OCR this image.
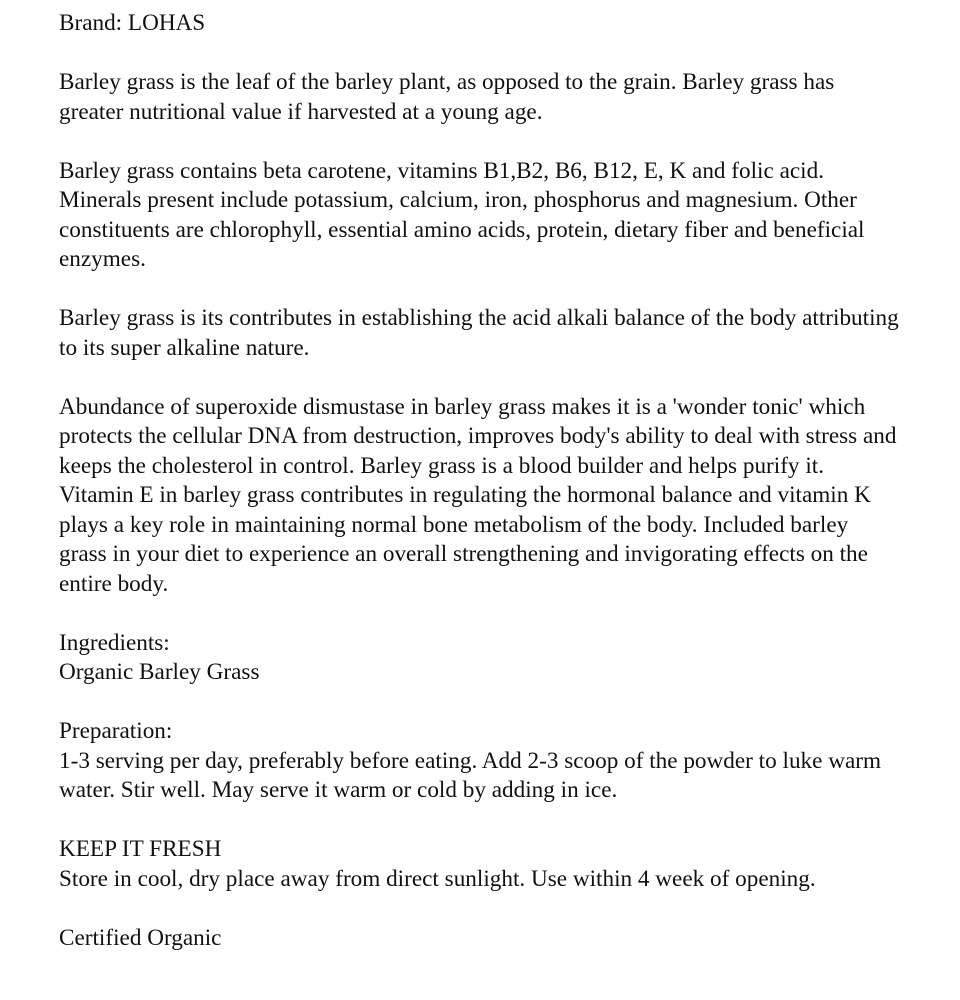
Brand: LOHAS

Barley grass is the leaf of the barley plant, as opposed to the grain. Barley grass has greater nutritional value if harvested at a young age.

Barley grass contains beta carotene, vitamins B1,B2, B6, B12, E, K and folic acid. Minerals present include potassium, calcium, iron, phosphorus and magnesium. Other constituents are chlorophyll, essential amino acids, protein, dietary fiber and beneficial enzymes.

Barley grass is its contributes in establishing the acid alkali balance of the body attributing to its super alkaline nature.

Abundance of superoxide dismustase in barley grass makes it is a 'wonder tonic' which protects the cellular DNA from destruction, improves body's ability to deal with stress and keeps the cholesterol in control. Barley grass is a blood builder and helps purify it. Vitamin E in barley grass contributes in regulating the hormonal balance and vitamin K plays a key role in maintaining normal bone metabolism of the body. Included barley grass in your diet to experience an overall strengthening and invigorating effects on the entire body.

Ingredients:
Organic Barley Grass

Preparation:
1-3 serving per day, preferably before eating. Add 2-3 scoop of the powder to luke warm water. Stir well. May serve it warm or cold by adding in ice.

KEEP IT FRESH
Store in cool, dry place away from direct sunlight. Use within 4 week of opening.

Certified Organic
